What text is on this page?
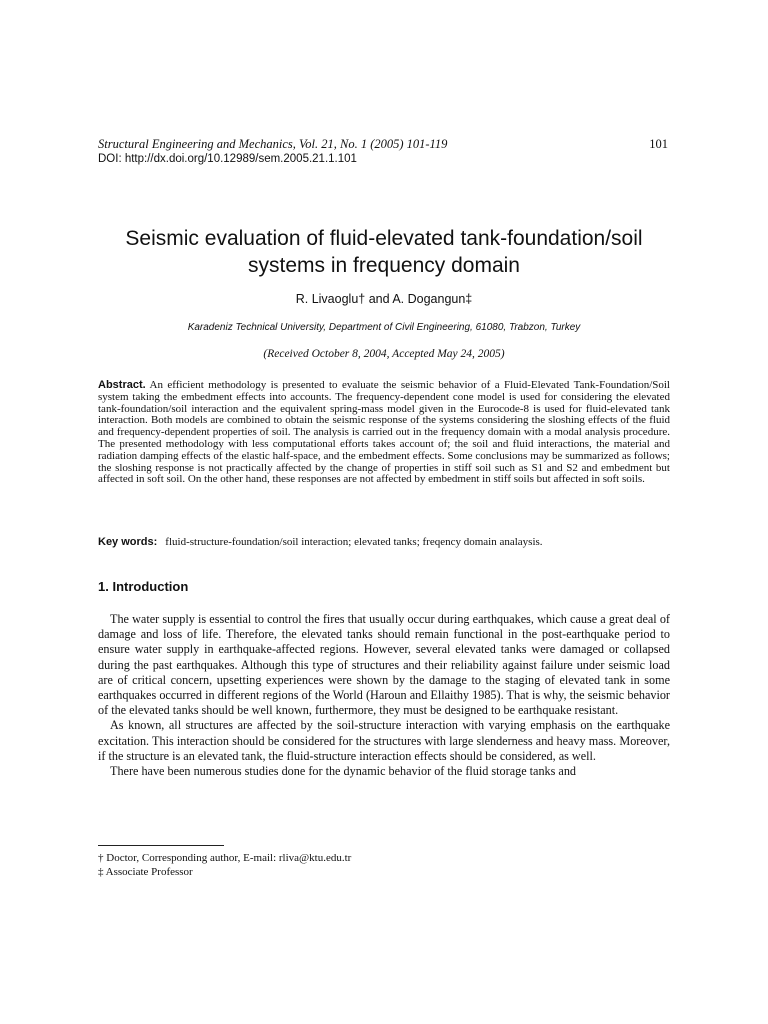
Structural Engineering and Mechanics, Vol. 21, No. 1 (2005) 101-119	101
DOI: http://dx.doi.org/10.12989/sem.2005.21.1.101
Seismic evaluation of fluid-elevated tank-foundation/soil
systems in frequency domain
R. Livaoglu† and A. Dogangun‡
Karadeniz Technical University, Department of Civil Engineering, 61080, Trabzon, Turkey
(Received October 8, 2004, Accepted May 24, 2005)
Abstract. An efficient methodology is presented to evaluate the seismic behavior of a Fluid-Elevated Tank-Foundation/Soil system taking the embedment effects into accounts. The frequency-dependent cone model is used for considering the elevated tank-foundation/soil interaction and the equivalent spring-mass model given in the Eurocode-8 is used for fluid-elevated tank interaction. Both models are combined to obtain the seismic response of the systems considering the sloshing effects of the fluid and frequency-dependent properties of soil. The analysis is carried out in the frequency domain with a modal analysis procedure. The presented methodology with less computational efforts takes account of; the soil and fluid interactions, the material and radiation damping effects of the elastic half-space, and the embedment effects. Some conclusions may be summarized as follows; the sloshing response is not practically affected by the change of properties in stiff soil such as S1 and S2 and embedment but affected in soft soil. On the other hand, these responses are not affected by embedment in stiff soils but affected in soft soils.
Key words: fluid-structure-foundation/soil interaction; elevated tanks; freqency domain analaysis.
1. Introduction

The water supply is essential to control the fires that usually occur during earthquakes, which cause a great deal of damage and loss of life. Therefore, the elevated tanks should remain functional in the post-earthquake period to ensure water supply in earthquake-affected regions. However, several elevated tanks were damaged or collapsed during the past earthquakes. Although this type of structures and their reliability against failure under seismic load are of critical concern, upsetting experiences were shown by the damage to the staging of elevated tank in some earthquakes occurred in different regions of the World (Haroun and Ellaithy 1985). That is why, the seismic behavior of the elevated tanks should be well known, furthermore, they must be designed to be earthquake resistant.

As known, all structures are affected by the soil-structure interaction with varying emphasis on the earthquake excitation. This interaction should be considered for the structures with large slenderness and heavy mass. Moreover, if the structure is an elevated tank, the fluid-structure interaction effects should be considered, as well.

There have been numerous studies done for the dynamic behavior of the fluid storage tanks and

† Doctor, Corresponding author, E-mail: rliva@ktu.edu.tr
‡ Associate Professor
